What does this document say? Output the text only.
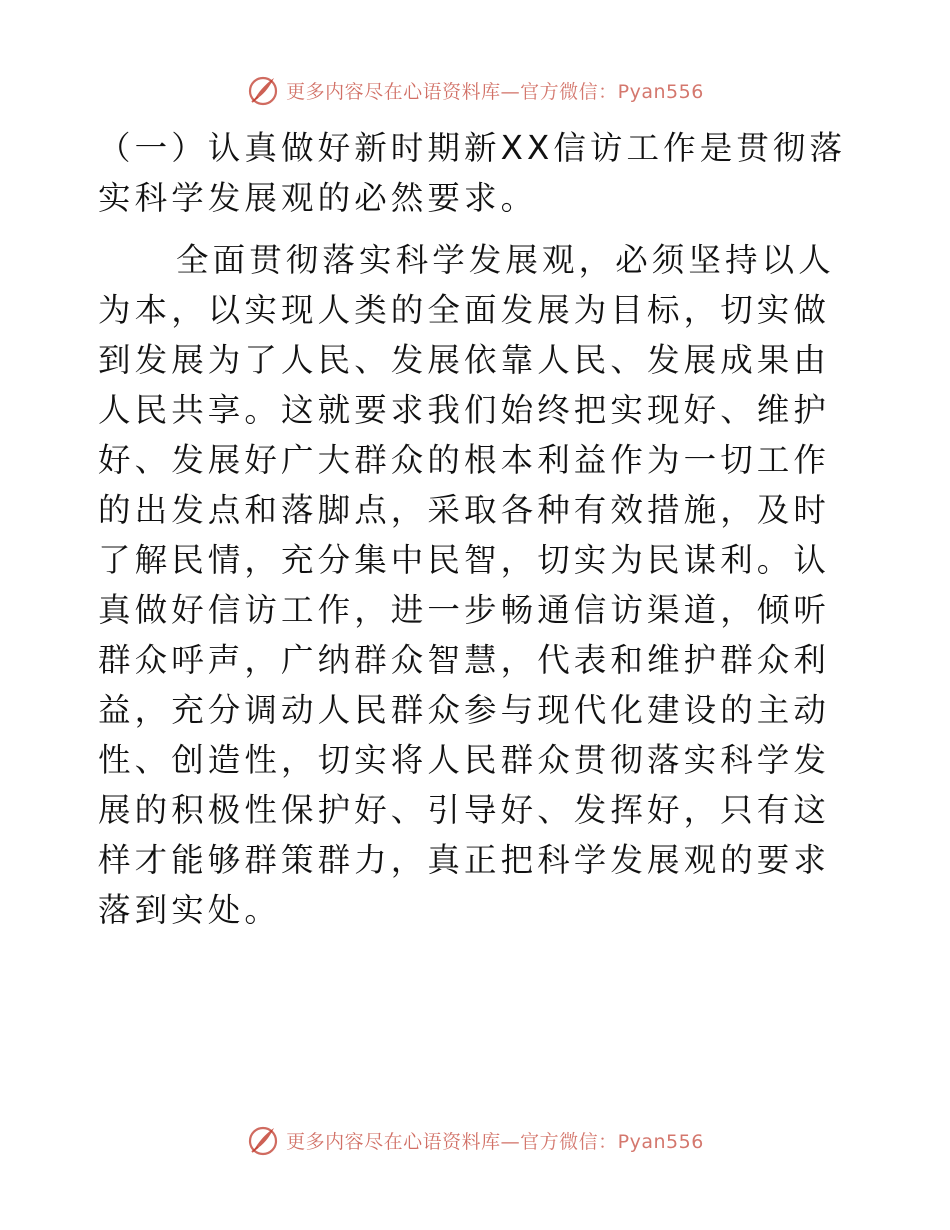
更多内容尽在心语资料库—官方微信：Pyan556
（一）认真做好新时期新XX信访工作是贯彻落实科学发展观的必然要求。

全面贯彻落实科学发展观，必须坚持以人为本，以实现人类的全面发展为目标，切实做到发展为了人民、发展依靠人民、发展成果由人民共享。这就要求我们始终把实现好、维护好、发展好广大群众的根本利益作为一切工作的出发点和落脚点，采取各种有效措施，及时了解民情，充分集中民智，切实为民谋利。认真做好信访工作，进一步畅通信访渠道，倾听群众呼声，广纳群众智慧，代表和维护群众利益，充分调动人民群众参与现代化建设的主动性、创造性，切实将人民群众贯彻落实科学发展的积极性保护好、引导好、发挥好，只有这样才能够群策群力，真正把科学发展观的要求落到实处。

更多内容尽在心语资料库—官方微信：Pyan556
